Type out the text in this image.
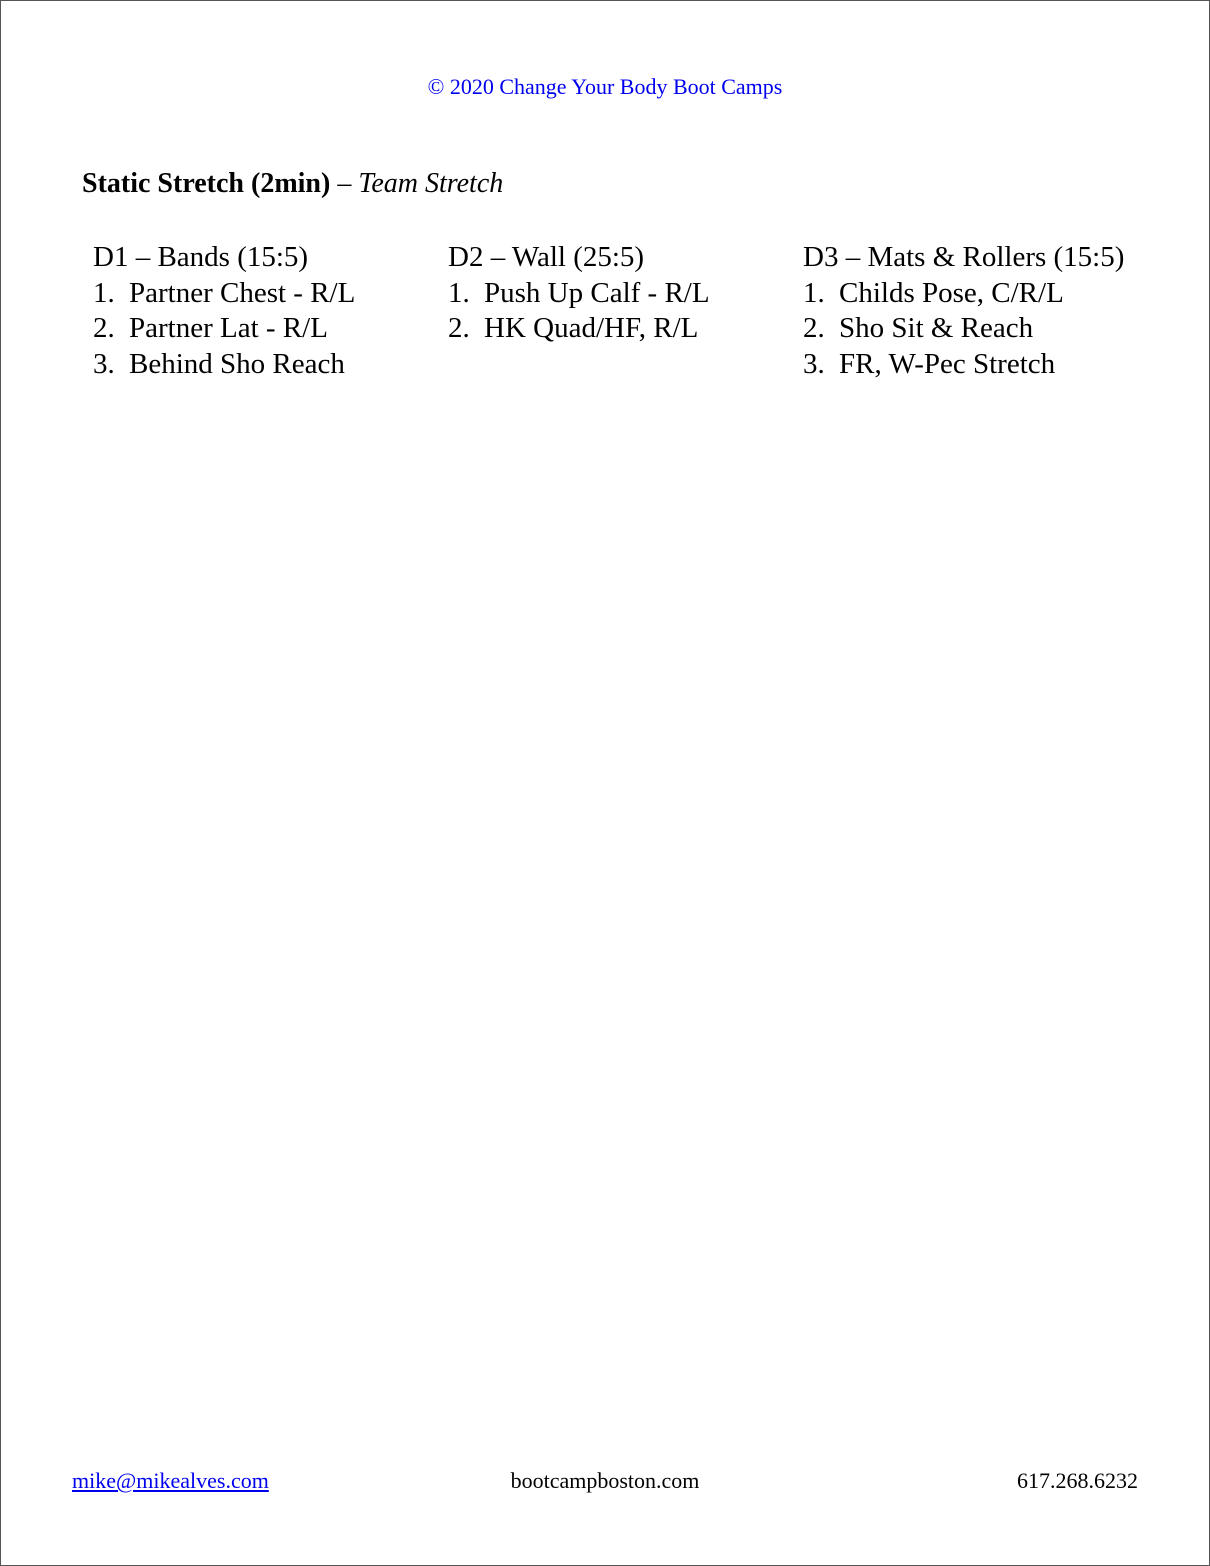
© 2020 Change Your Body Boot Camps
Static Stretch (2min) – Team Stretch
D1 – Bands (15:5)
1. Partner Chest - R/L
2. Partner Lat - R/L
3. Behind Sho Reach
D2 – Wall (25:5)
1. Push Up Calf - R/L
2. HK Quad/HF, R/L
D3 – Mats & Rollers (15:5)
1. Childs Pose, C/R/L
2. Sho Sit & Reach
3. FR, W-Pec Stretch
mike@mikealves.com	bootcampboston.com	617.268.6232
